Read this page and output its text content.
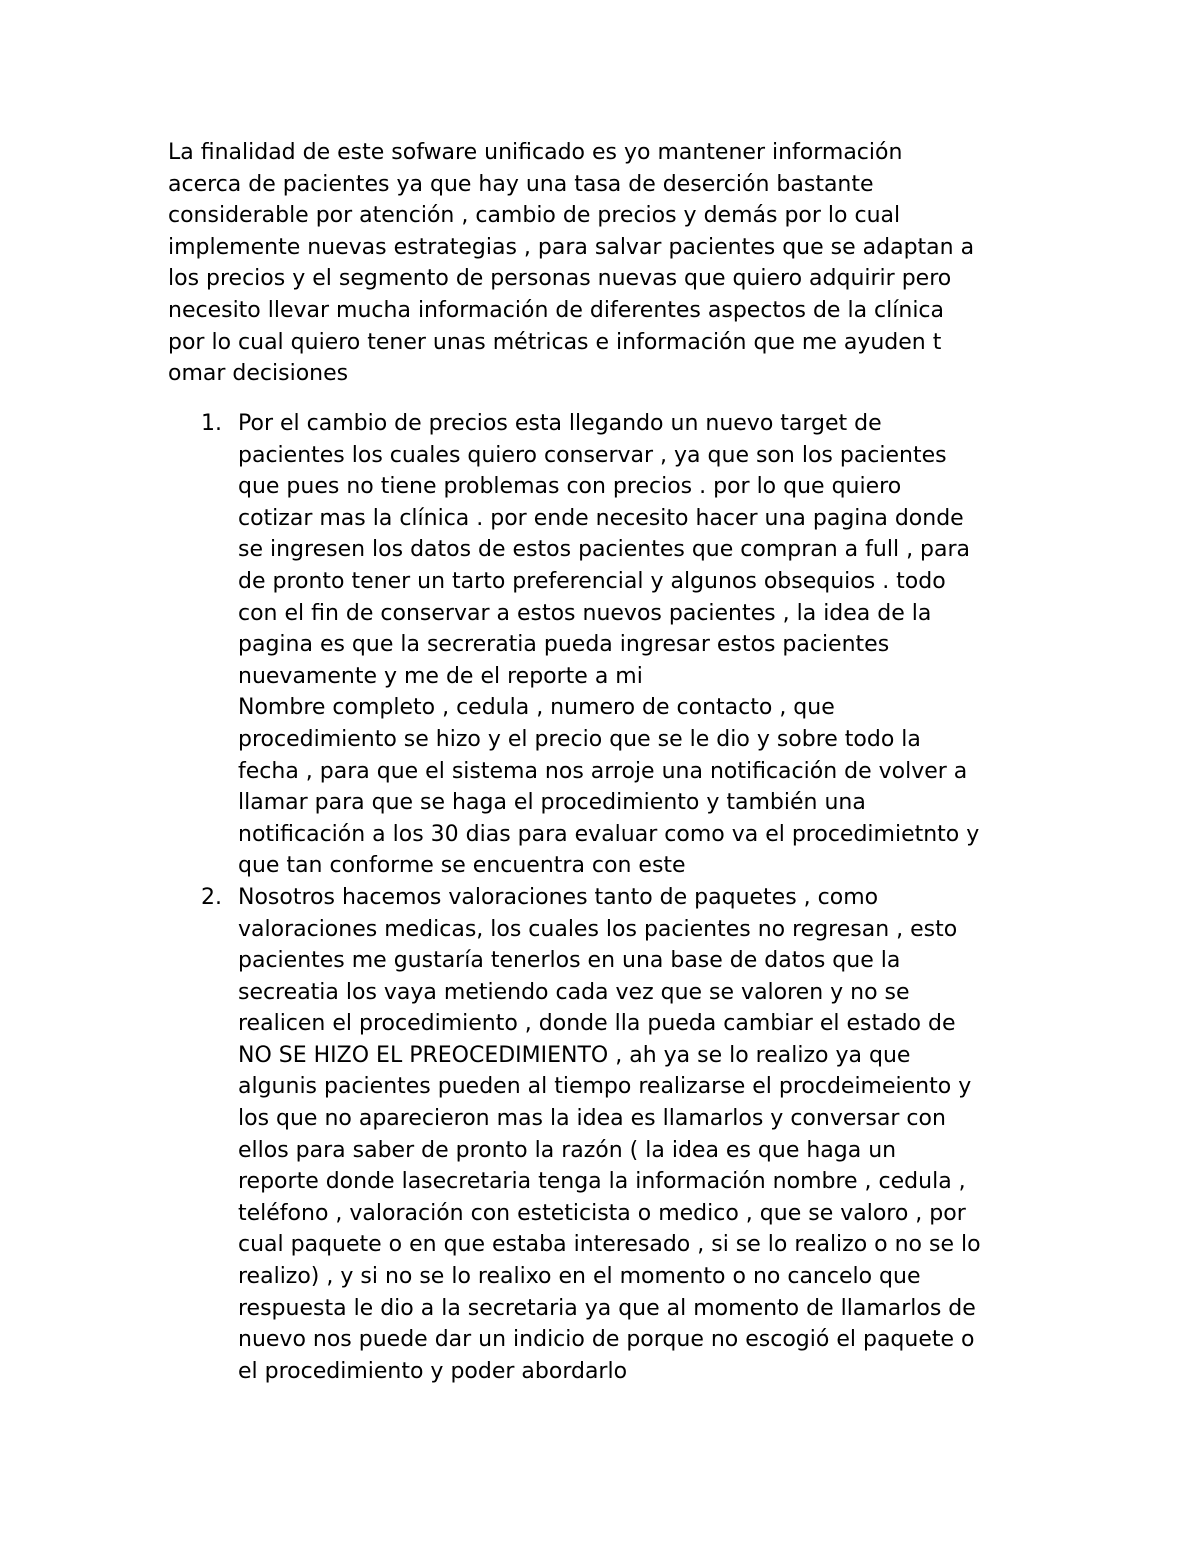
La finalidad de este sofware unificado es yo mantener información
acerca de pacientes ya que hay una tasa de deserción bastante
considerable por atención , cambio de precios y demás por lo cual
implemente nuevas estrategias , para salvar pacientes que se adaptan a
los precios y el segmento de personas nuevas que quiero adquirir pero
necesito llevar mucha información de diferentes aspectos de la clínica
por lo cual quiero tener unas métricas e información que me ayuden t
omar decisiones
1. Por el cambio de precios esta llegando un nuevo target de
pacientes los cuales quiero conservar , ya que son los pacientes
que pues no tiene problemas con precios . por lo que quiero
cotizar mas la clínica . por ende necesito hacer una pagina donde
se ingresen los datos de estos pacientes que compran a full , para
de pronto tener un tarto preferencial y algunos obsequios . todo
con el fin de conservar a estos nuevos pacientes , la idea de la
pagina es que la secreratia pueda ingresar estos pacientes
nuevamente y me de el reporte a mi
Nombre completo , cedula , numero de contacto , que
procedimiento se hizo y el precio que se le dio y sobre todo la
fecha , para que el sistema nos arroje una notificación de volver a
llamar para que se haga el procedimiento y también una
notificación a los 30 dias para evaluar como va el procedimietnto y
que tan conforme se encuentra con este
2. Nosotros hacemos valoraciones tanto de paquetes , como
valoraciones medicas, los cuales los pacientes no regresan , esto
pacientes me gustaría tenerlos en una base de datos que la
secreatia los vaya metiendo cada vez que se valoren y no se
realicen el procedimiento , donde lla pueda cambiar el estado de
NO SE HIZO EL PREOCEDIMIENTO , ah ya se lo realizo ya que
algunis pacientes pueden al tiempo realizarse el procdeimeiento y
los que no aparecieron mas la idea es llamarlos y conversar con
ellos para saber de pronto la razón ( la idea es que haga un
reporte donde lasecretaria tenga la información nombre , cedula ,
teléfono , valoración con esteticista o medico , que se valoro , por
cual paquete o en que estaba interesado , si se lo realizo o no se lo
realizo) , y si no se lo realixo en el momento o no cancelo que
respuesta le dio a la secretaria ya que al momento de llamarlos de
nuevo nos puede dar un indicio de porque no escogió el paquete o
el procedimiento y poder abordarlo
